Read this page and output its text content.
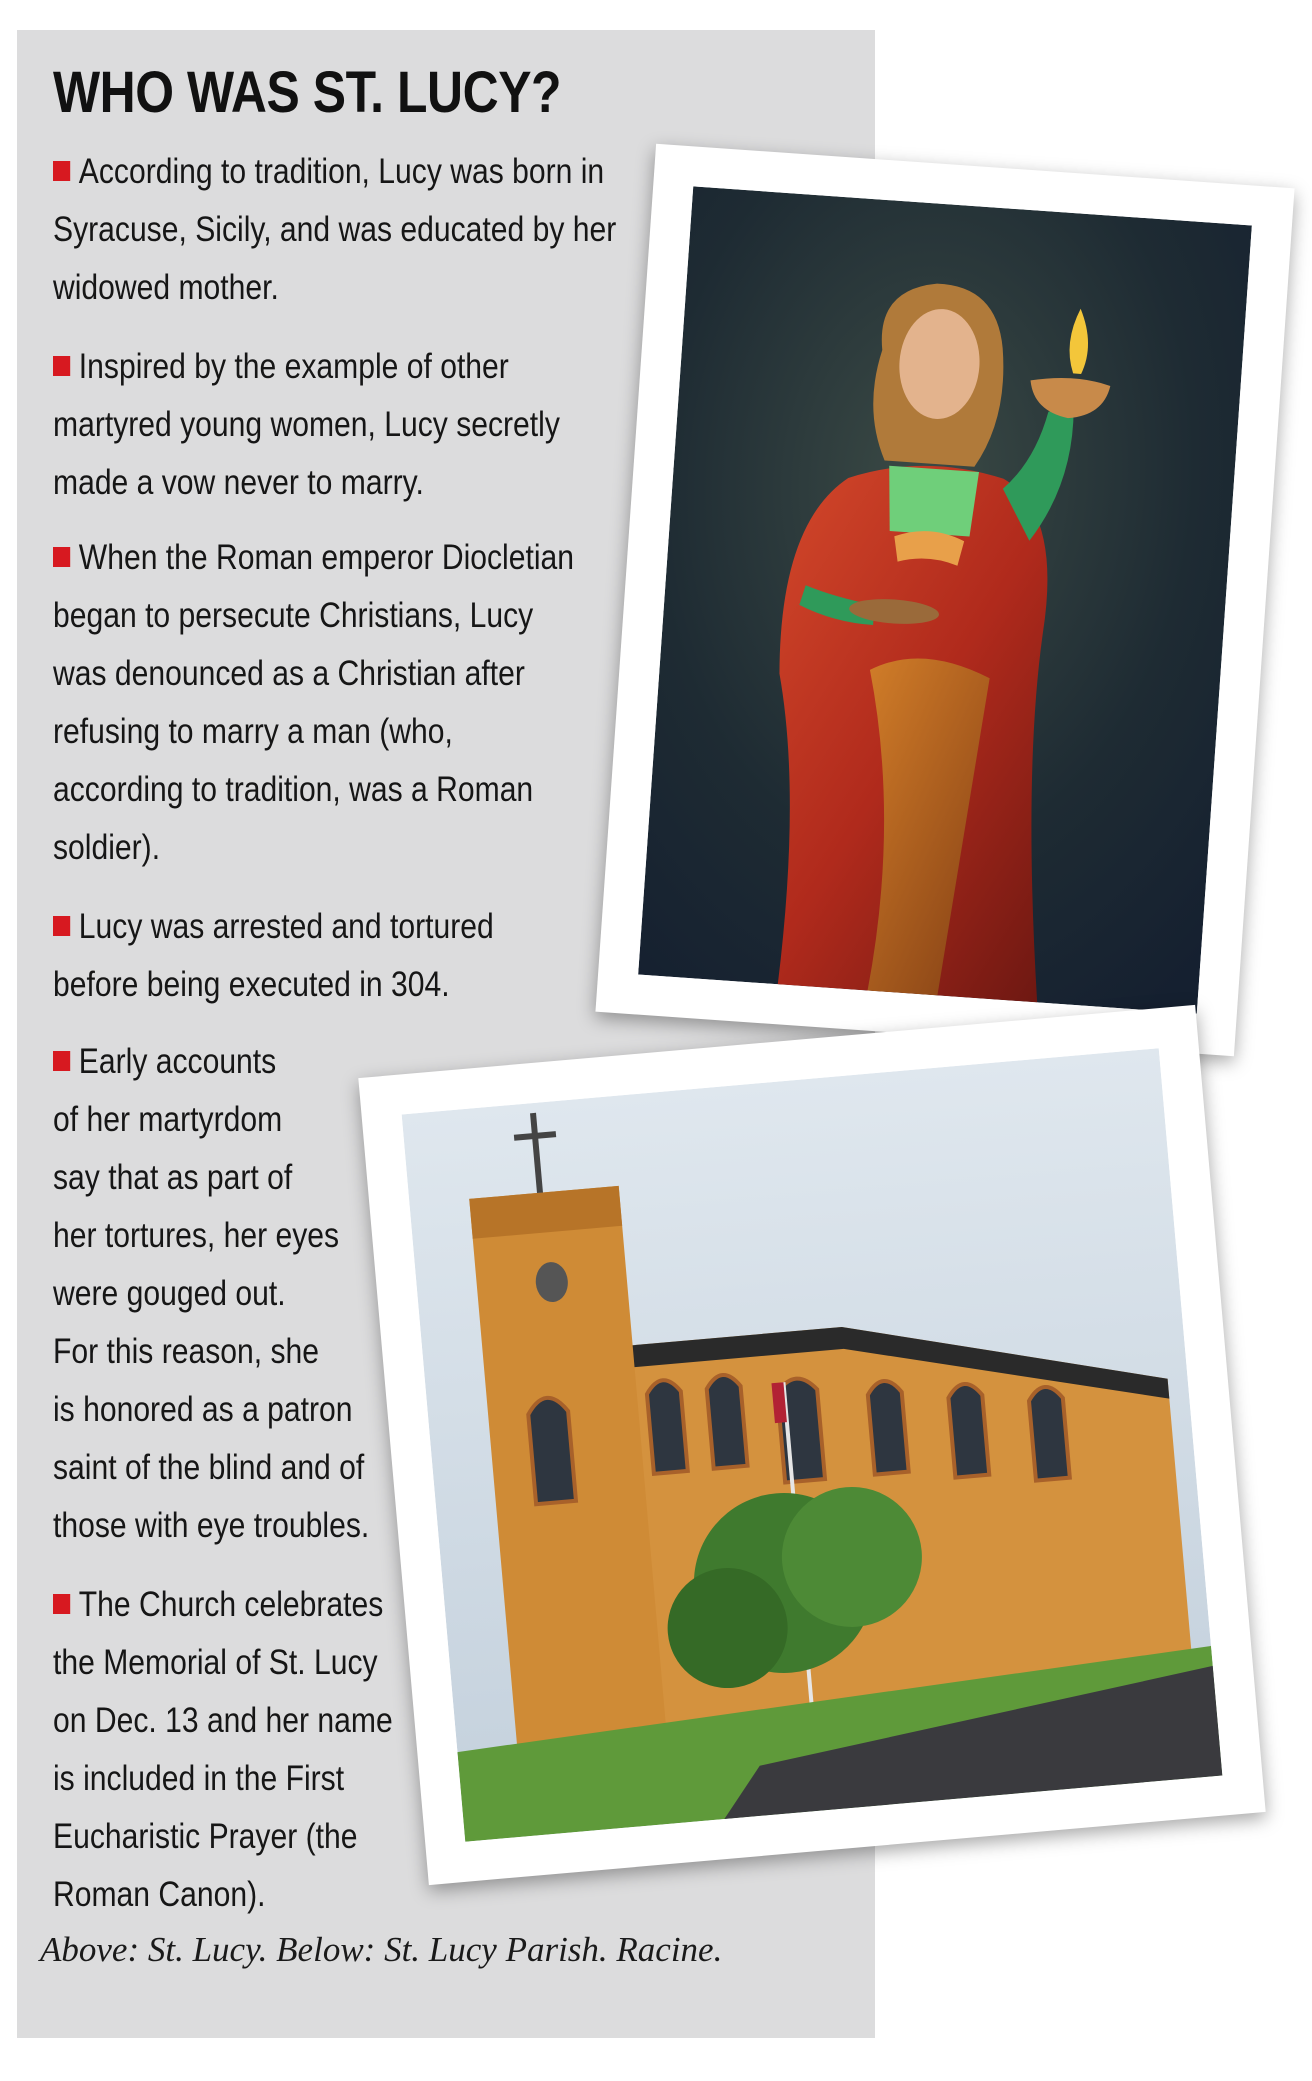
WHO WAS ST. LUCY?
According to tradition, Lucy was born in
Syracuse, Sicily, and was educated by her
widowed mother.
Inspired by the example of other
martyred young women, Lucy secretly
made a vow never to marry.
When the Roman emperor Diocletian
began to persecute Christians, Lucy
was denounced as a Christian after
refusing to marry a man (who,
according to tradition, was a Roman
soldier).
Lucy was arrested and tortured
before being executed in 304.
Early accounts
of her martyrdom
say that as part of
her tortures, her eyes
were gouged out.
For this reason, she
is honored as a patron
saint of the blind and of
those with eye troubles.
The Church celebrates
the Memorial of St. Lucy
on Dec. 13 and her name
is included in the First
Eucharistic Prayer (the
Roman Canon).

Above: St. Lucy. Below: St. Lucy Parish. Racine.
